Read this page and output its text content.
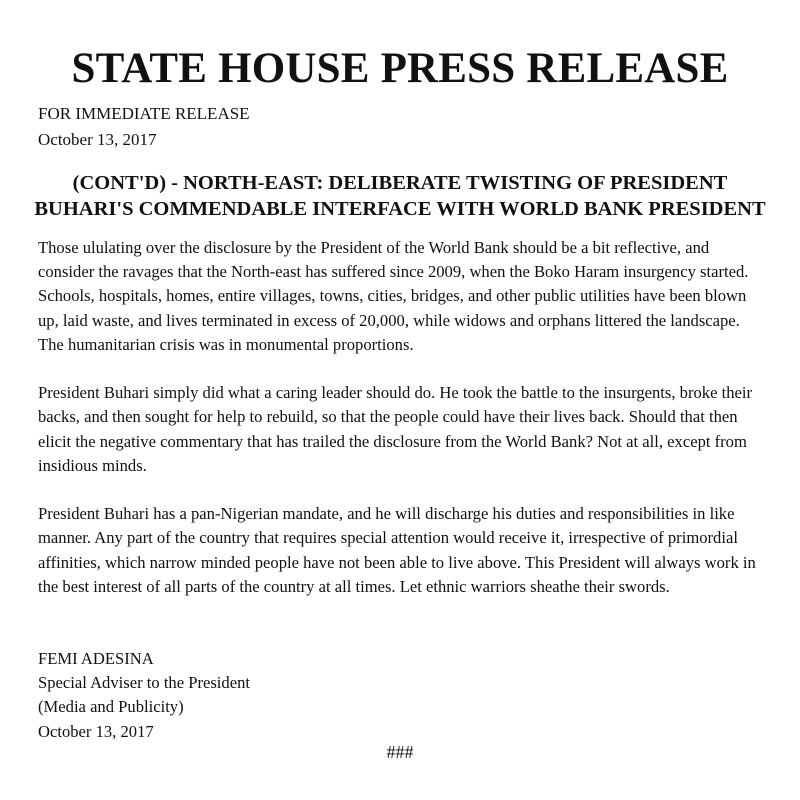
STATE HOUSE PRESS RELEASE
FOR IMMEDIATE RELEASE
October 13, 2017
(CONT'D) - NORTH-EAST: DELIBERATE TWISTING OF PRESIDENT
BUHARI'S COMMENDABLE INTERFACE WITH WORLD BANK PRESIDENT

Those ululating over the disclosure by the President of the World Bank should be a bit reflective, and consider the ravages that the North-east has suffered since 2009, when the Boko Haram insurgency started. Schools, hospitals, homes, entire villages, towns, cities, bridges, and other public utilities have been blown up, laid waste, and lives terminated in excess of 20,000, while widows and orphans littered the landscape. The humanitarian crisis was in monumental proportions.

President Buhari simply did what a caring leader should do. He took the battle to the insurgents, broke their backs, and then sought for help to rebuild, so that the people could have their lives back. Should that then elicit the negative commentary that has trailed the disclosure from the World Bank? Not at all, except from insidious minds.

President Buhari has a pan-Nigerian mandate, and he will discharge his duties and responsibilities in like manner. Any part of the country that requires special attention would receive it, irrespective of primordial affinities, which narrow minded people have not been able to live above. This President will always work in the best interest of all parts of the country at all times. Let ethnic warriors sheathe their swords.

FEMI ADESINA
Special Adviser to the President
(Media and Publicity)
October 13, 2017
###
